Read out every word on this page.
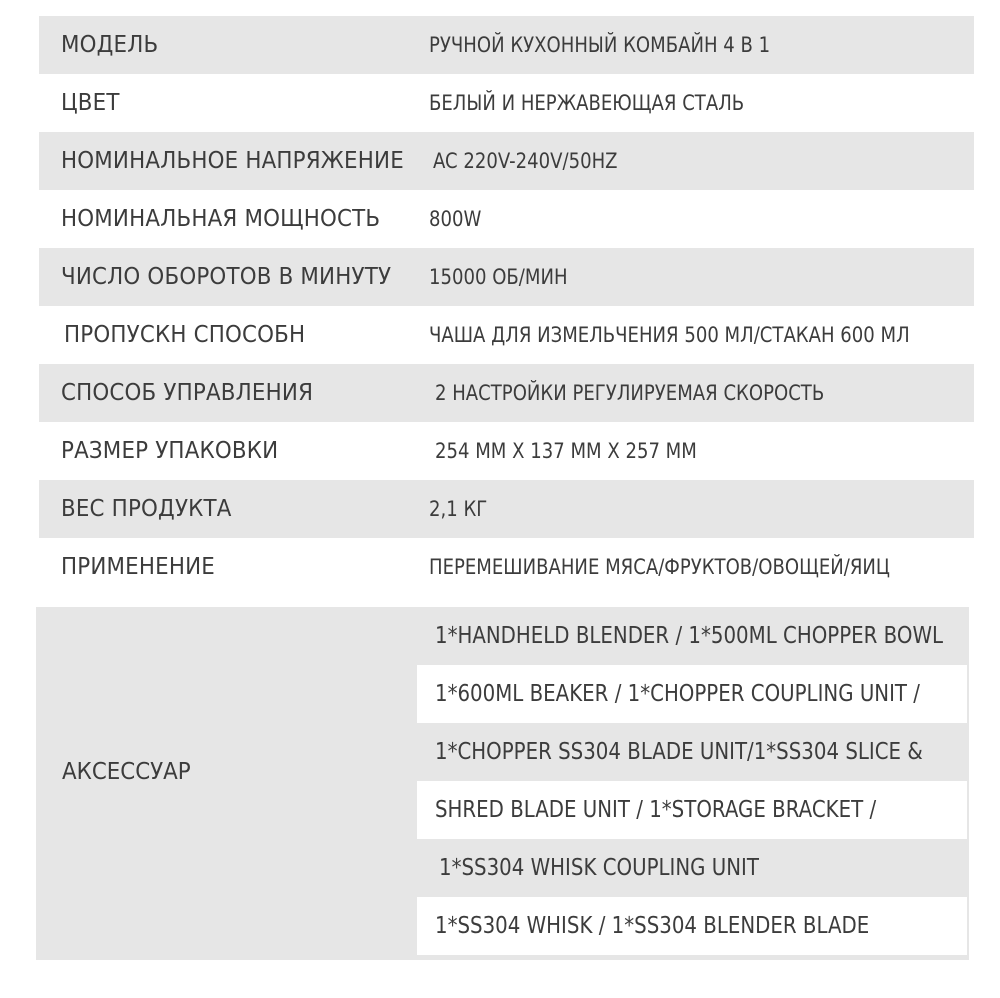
МОДЕЛЬ	РУЧНОЙ КУХОННЫЙ КОМБАЙН 4 В 1
ЦВЕТ	БЕЛЫЙ И НЕРЖАВЕЮЩАЯ СТАЛЬ
НОМИНАЛЬНОЕ НАПРЯЖЕНИЕ AC 220V-240V/50HZ
НОМИНАЛЬНАЯ МОЩНОСТЬ 800W
ЧИСЛО ОБОРОТОВ В МИНУТУ 15000 ОБ/МИН
ПРОПУСКН СПОСОБН	ЧАША ДЛЯ ИЗМЕЛЬЧЕНИЯ 500 МЛ/СТАКАН 600 МЛ
СПОСОБ УПРАВЛЕНИЯ	2 НАСТРОЙКИ РЕГУЛИРУЕМАЯ СКОРОСТЬ
РАЗМЕР УПАКОВКИ	254 ММ X 137 ММ X 257 ММ
ВЕС ПРОДУКТА	2,1 КГ
ПРИМЕНЕНИЕ	ПЕРЕМЕШИВАНИЕ МЯСА/ФРУКТОВ/ОВОЩЕЙ/ЯИЦ
АКСЕССУАР
1*HANDHELD BLENDER / 1*500ML CHOPPER BOWL
1*600ML BEAKER / 1*CHOPPER COUPLING UNIT /
1*CHOPPER SS304 BLADE UNIT/1*SS304 SLICE &
SHRED BLADE UNIT / 1*STORAGE BRACKET /
1*SS304 WHISK COUPLING UNIT
1*SS304 WHISK / 1*SS304 BLENDER BLADE
